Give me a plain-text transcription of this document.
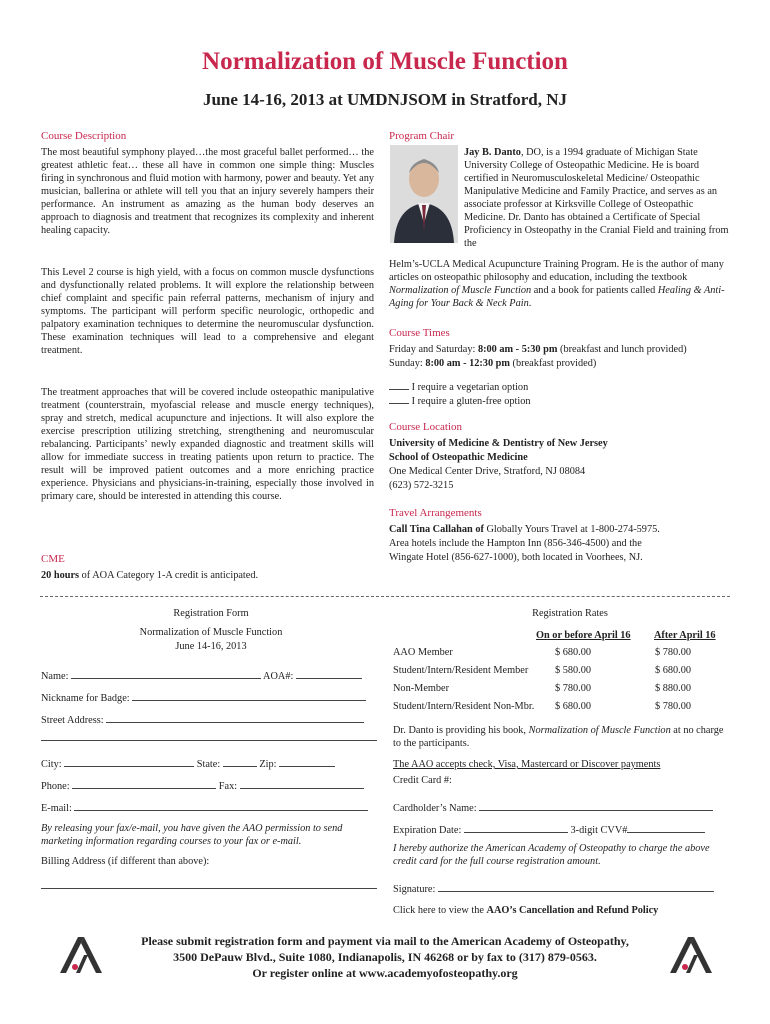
Normalization of Muscle Function
June 14-16, 2013 at UMDNJSOM in Stratford, NJ
Course Description
The most beautiful symphony played…the most graceful ballet performed… the greatest athletic feat… these all have in common one simple thing: Muscles firing in synchronous and fluid motion with harmony, power and beauty. Yet any musician, ballerina or athlete will tell you that an injury severely hampers their performance. An instrument as amazing as the human body deserves an approach to diagnosis and treatment that recognizes its complexity and inherent healing capacity.
This Level 2 course is high yield, with a focus on common muscle dysfunctions and dysfunctionally related problems. It will explore the relationship between chief complaint and specific pain referral patterns, mechanism of injury and symptoms. The participant will perform specific neurologic, orthopedic and palpatory examination techniques to determine the neuromuscular dysfunction. These examination techniques will lead to a comprehensive and elegant treatment.
The treatment approaches that will be covered include osteopathic manipulative treatment (counterstrain, myofascial release and muscle energy techniques), spray and stretch, medical acupuncture and injections. It will also explore the exercise prescription utilizing stretching, strengthening and neuromuscular rebalancing. Participants’ newly expanded diagnostic and treatment skills will allow for immediate success in treating patients upon return to practice. The result will be improved patient outcomes and a more enriching practice experience. Physicians and physicians-in-training, especially those involved in primary care, should be interested in attending this course.
CME
20 hours of AOA Category 1-A credit is anticipated.
Program Chair
Jay B. Danto, DO, is a 1994 graduate of Michigan State University College of Osteopathic Medicine. He is board certified in Neuromusculoskeletal Medicine/ Osteopathic Manipulative Medicine and Family Practice, and serves as an associate professor at Kirksville College of Osteopathic Medicine. Dr. Danto has obtained a Certificate of Special Proficiency in Osteopathy in the Cranial Field and training from the
Helm’s-UCLA Medical Acupuncture Training Program. He is the author of many articles on osteopathic philosophy and education, including the textbook Normalization of Muscle Function and a book for patients called Healing & Anti-Aging for Your Back & Neck Pain.
Course Times
Friday and Saturday: 8:00 am - 5:30 pm (breakfast and lunch provided)
Sunday: 8:00 am - 12:30 pm (breakfast provided)
I require a vegetarian option
I require a gluten-free option
Course Location
University of Medicine & Dentistry of New Jersey
School of Osteopathic Medicine
One Medical Center Drive, Stratford, NJ 08084
(623) 572-3215
Travel Arrangements
Call Tina Callahan of Globally Yours Travel at 1-800-274-5975.
Area hotels include the Hampton Inn (856-346-4500) and the
Wingate Hotel (856-627-1000), both located in Voorhees, NJ.
Registration Form
Normalization of Muscle Function
June 14-16, 2013
Name:	AOA#:
Nickname for Badge:
Street Address:
City:	State:	Zip:
Phone:	Fax:
E-mail:
By releasing your fax/e-mail, you have given the AAO permission to send marketing information regarding courses to your fax or e-mail.
Billing Address (if different than above):
Registration Rates
On or before April 16 After April 16
AAO Member	$ 680.00	$ 780.00
Student/Intern/Resident Member	$ 580.00	$ 680.00
Non-Member	$ 780.00	$ 880.00
Student/Intern/Resident Non-Mbr. $ 680.00	$ 780.00
Dr. Danto is providing his book, Normalization of Muscle Function at no charge to the participants.
The AAO accepts check, Visa, Mastercard or Discover payments
Credit Card #:
Cardholder’s Name:
Expiration Date:	3-digit CVV#
I hereby authorize the American Academy of Osteopathy to charge the above credit card for the full course registration amount.
Signature:
Click here to view the AAO’s Cancellation and Refund Policy
Please submit registration form and payment via mail to the American Academy of Osteopathy,
3500 DePauw Blvd., Suite 1080, Indianapolis, IN 46268 or by fax to (317) 879-0563.
Or register online at www.academyofosteopathy.org
